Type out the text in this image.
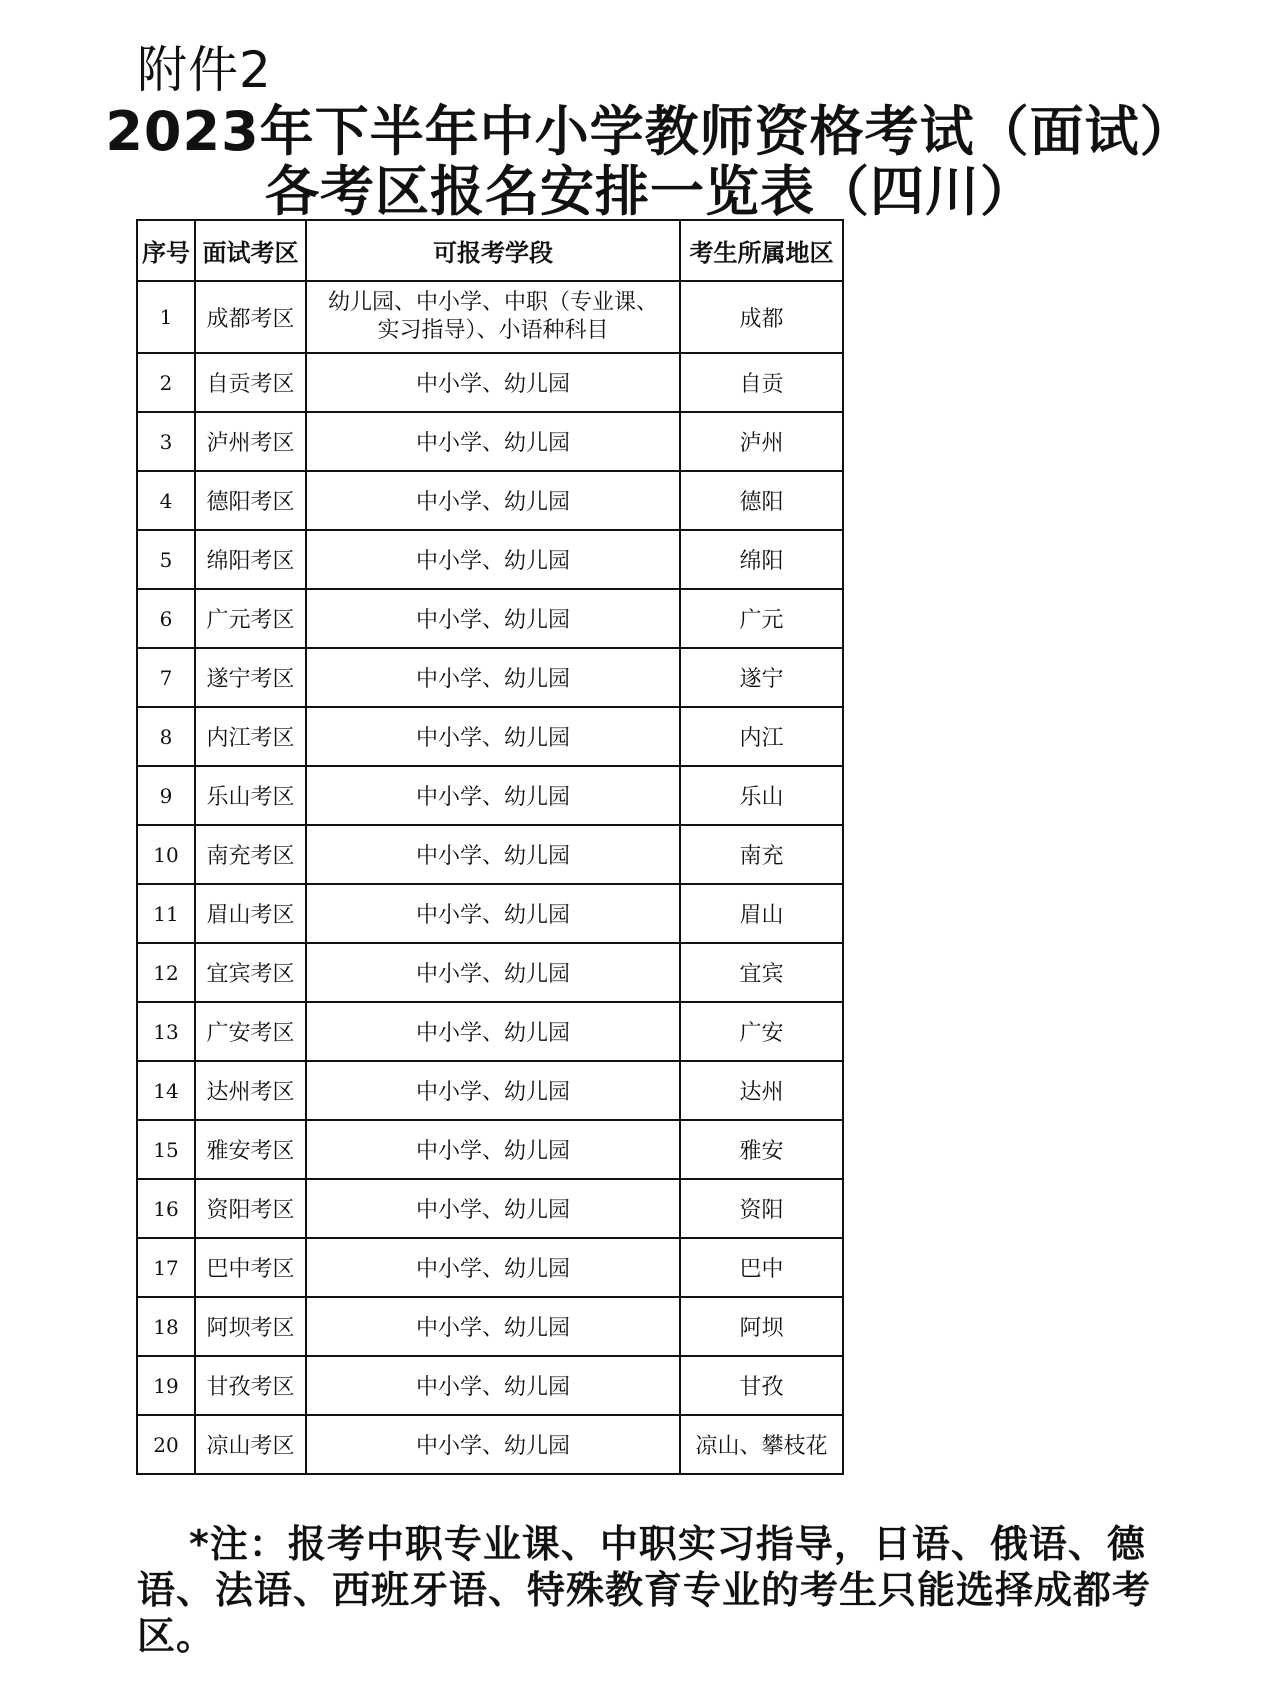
附件2
2023年下半年中小学教师资格考试（面试）
各考区报名安排一览表（四川）
序号	面试考区	可报考学段	考生所属地区
1	成都考区	幼儿园、中小学、中职（专业课、实习指导）、小语种科目	成都
2	自贡考区	中小学、幼儿园	自贡
3	泸州考区	中小学、幼儿园	泸州
4	德阳考区	中小学、幼儿园	德阳
5	绵阳考区	中小学、幼儿园	绵阳
6	广元考区	中小学、幼儿园	广元
7	遂宁考区	中小学、幼儿园	遂宁
8	内江考区	中小学、幼儿园	内江
9	乐山考区	中小学、幼儿园	乐山
10	南充考区	中小学、幼儿园	南充
11	眉山考区	中小学、幼儿园	眉山
12	宜宾考区	中小学、幼儿园	宜宾
13	广安考区	中小学、幼儿园	广安
14	达州考区	中小学、幼儿园	达州
15	雅安考区	中小学、幼儿园	雅安
16	资阳考区	中小学、幼儿园	资阳
17	巴中考区	中小学、幼儿园	巴中
18	阿坝考区	中小学、幼儿园	阿坝
19	甘孜考区	中小学、幼儿园	甘孜
20	凉山考区	中小学、幼儿园	凉山、攀枝花
*注：报考中职专业课、中职实习指导，日语、俄语、德语、法语、西班牙语、特殊教育专业的考生只能选择成都考区。
